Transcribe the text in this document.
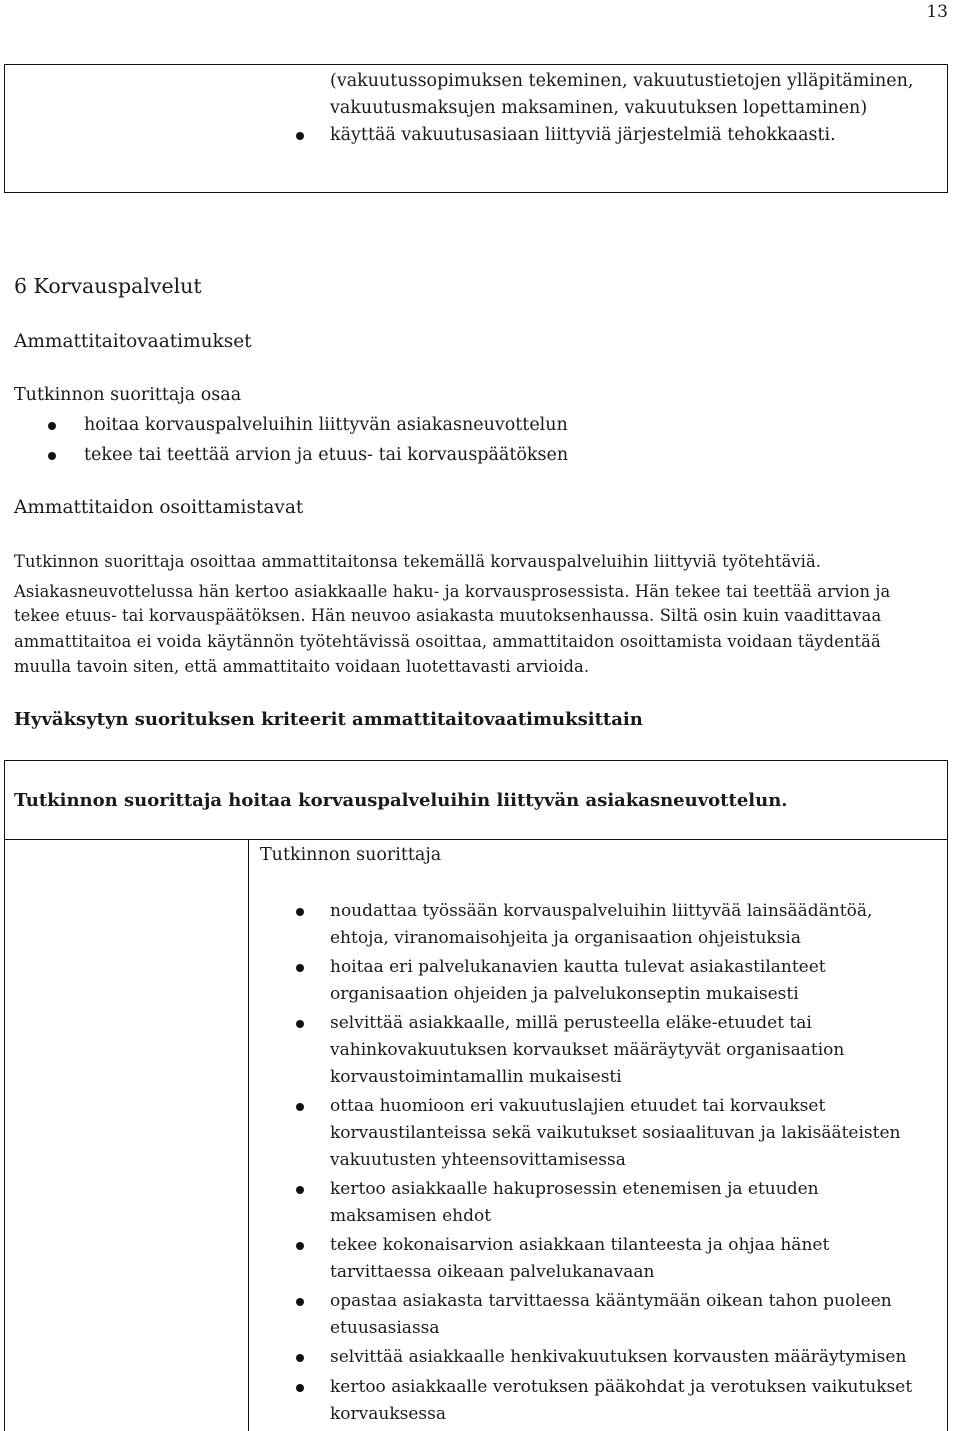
13
(vakuutussopimuksen tekeminen, vakuutustietojen ylläpitäminen,
vakuutusmaksujen maksaminen, vakuutuksen lopettaminen)
käyttää vakuutusasiaan liittyviä järjestelmiä tehokkaasti.
6 Korvauspalvelut
Ammattitaitovaatimukset
Tutkinnon suorittaja osaa
hoitaa korvauspalveluihin liittyvän asiakasneuvottelun
tekee tai teettää arvion ja etuus- tai korvauspäätöksen
Ammattitaidon osoittamistavat
Tutkinnon suorittaja osoittaa ammattitaitonsa tekemällä korvauspalveluihin liittyviä työtehtäviä.
Asiakasneuvottelussa hän kertoo asiakkaalle haku- ja korvausprosessista. Hän tekee tai teettää arvion ja
tekee etuus- tai korvauspäätöksen. Hän neuvoo asiakasta muutoksenhaussa. Siltä osin kuin vaadittavaa
ammattitaitoa ei voida käytännön työtehtävissä osoittaa, ammattitaidon osoittamista voidaan täydentää
muulla tavoin siten, että ammattitaito voidaan luotettavasti arvioida.
Hyväksytyn suorituksen kriteerit ammattitaitovaatimuksittain
Tutkinnon suorittaja hoitaa korvauspalveluihin liittyvän asiakasneuvottelun.
Tutkinnon suorittaja
noudattaa työssään korvauspalveluihin liittyvää lainsäädäntöä,
ehtoja, viranomaisohjeita ja organisaation ohjeistuksia
hoitaa eri palvelukanavien kautta tulevat asiakastilanteet
organisaation ohjeiden ja palvelukonseptin mukaisesti
selvittää asiakkaalle, millä perusteella eläke-etuudet tai
vahinkovakuutuksen korvaukset määräytyvät organisaation
korvaustoimintamallin mukaisesti
ottaa huomioon eri vakuutuslajien etuudet tai korvaukset
korvaustilanteissa sekä vaikutukset sosiaalituvan ja lakisääteisten
vakuutusten yhteensovittamisessa
kertoo asiakkaalle hakuprosessin etenemisen ja etuuden
maksamisen ehdot
tekee kokonaisarvion asiakkaan tilanteesta ja ohjaa hänet
tarvittaessa oikeaan palvelukanavaan
opastaa asiakasta tarvittaessa kääntymään oikean tahon puoleen
etuusasiassa
selvittää asiakkaalle henkivakuutuksen korvausten määräytymisen
kertoo asiakkaalle verotuksen pääkohdat ja verotuksen vaikutukset
korvauksessa
